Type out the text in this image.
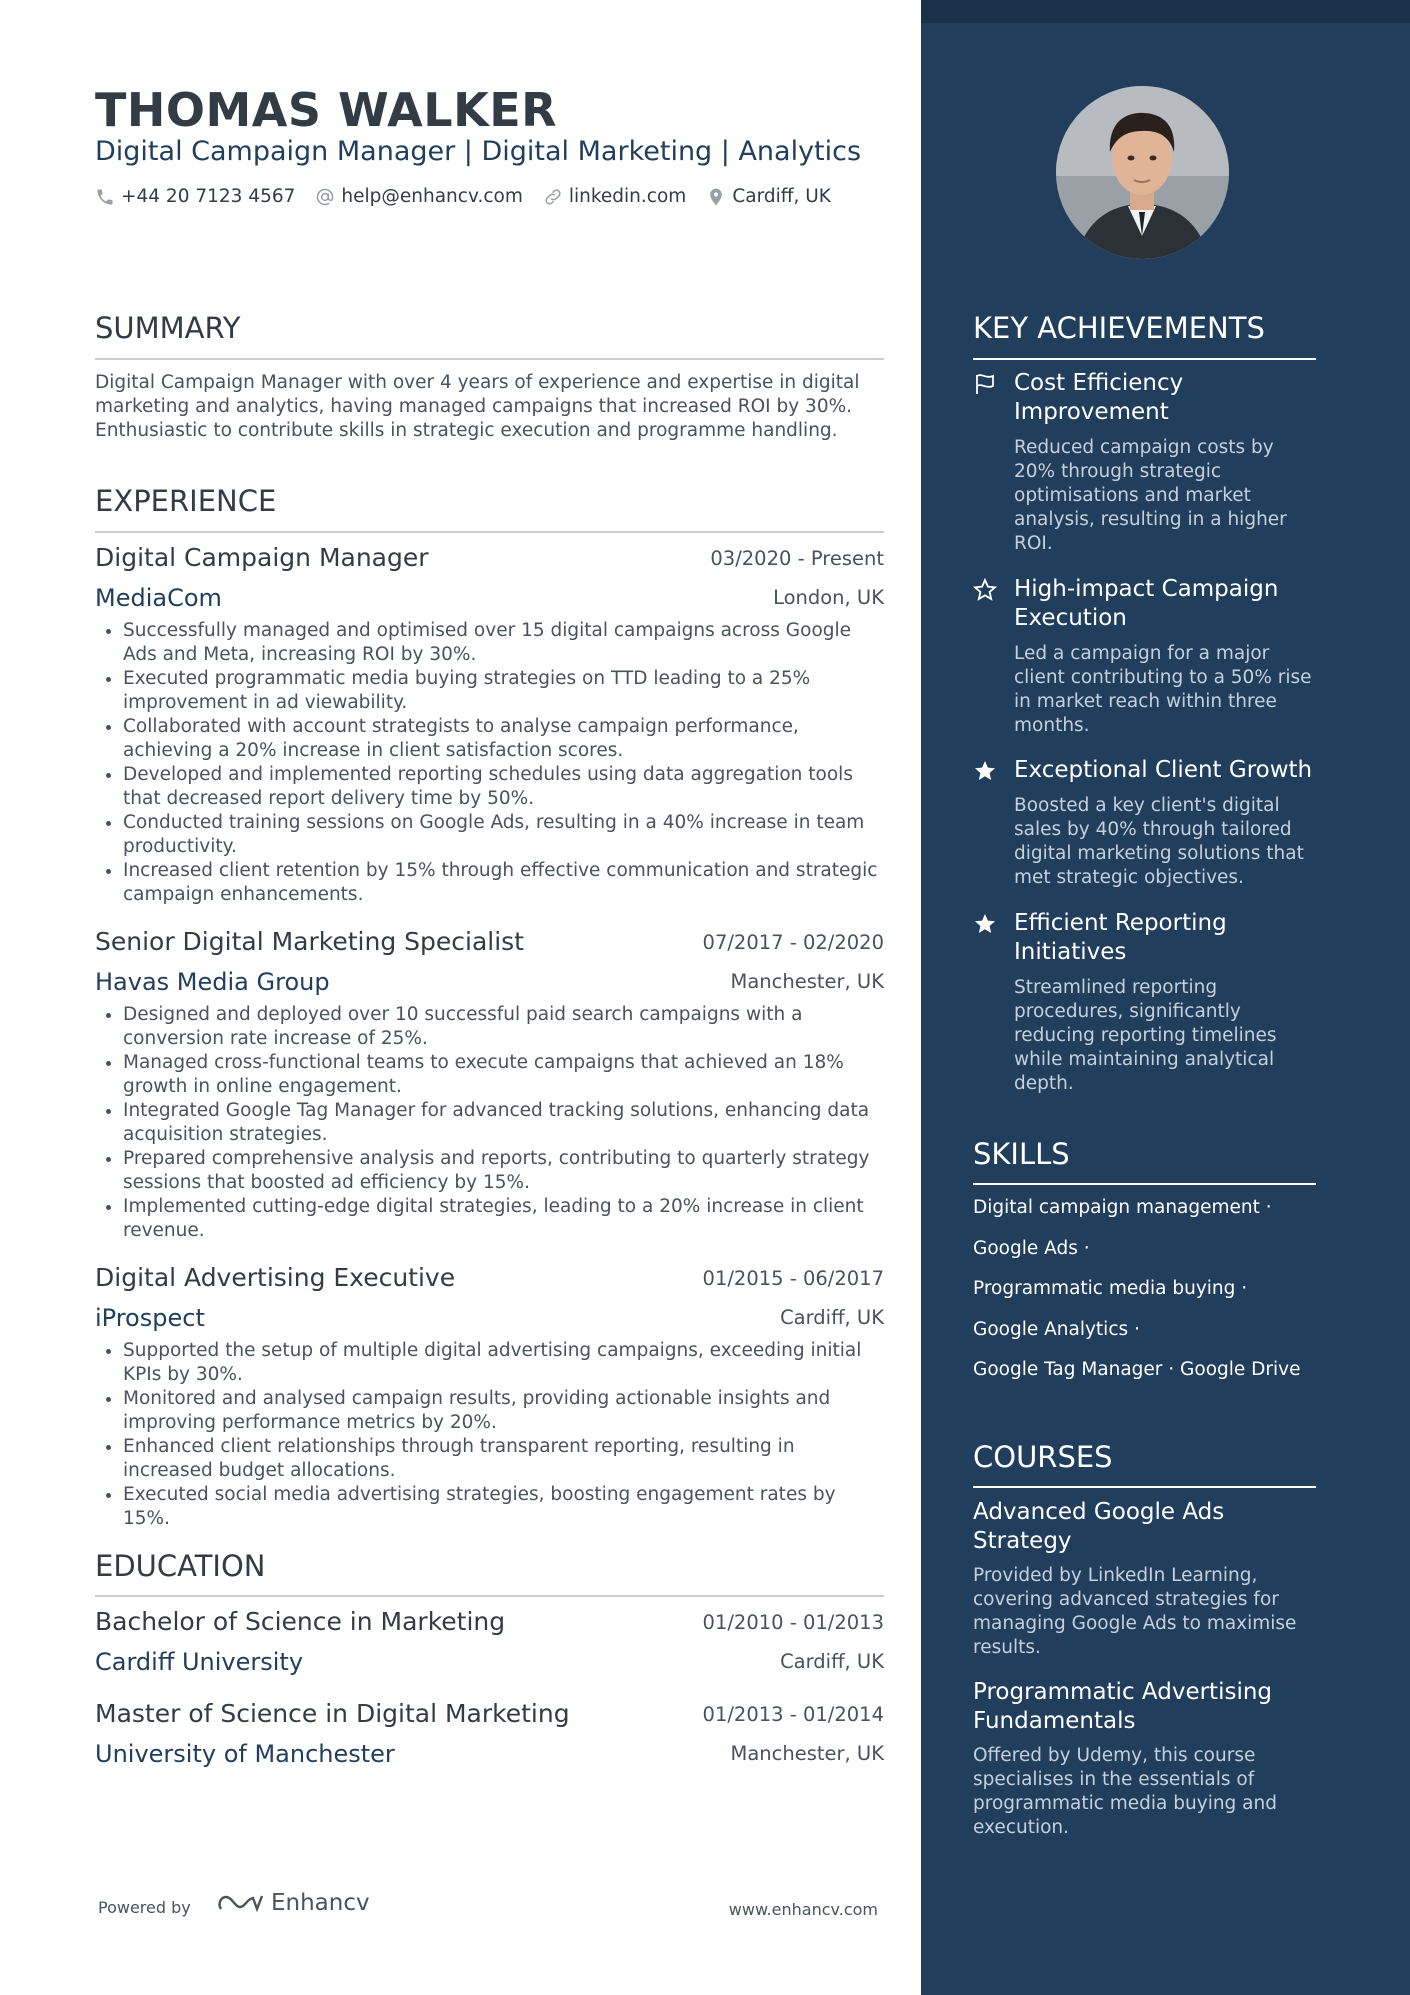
KEY ACHIEVEMENTS
Cost Efficiency Improvement
Reduced campaign costs by 20% through strategic optimisations and market analysis, resulting in a higher ROI.
High-impact Campaign Execution
Led a campaign for a major client contributing to a 50% rise in market reach within three months.
Exceptional Client Growth
Boosted a key client's digital sales by 40% through tailored digital marketing solutions that met strategic objectives.
Efficient Reporting Initiatives
Streamlined reporting procedures, significantly reducing reporting timelines while maintaining analytical depth.
SKILLS
Digital campaign management ·
Google Ads ·
Programmatic media buying ·
Google Analytics ·
Google Tag Manager · Google Drive
COURSES
Advanced Google Ads Strategy
Provided by LinkedIn Learning, covering advanced strategies for managing Google Ads to maximise results.
Programmatic Advertising Fundamentals
Offered by Udemy, this course specialises in the essentials of programmatic media buying and execution.
THOMAS WALKER
Digital Campaign Manager | Digital Marketing | Analytics
+44 20 7123 4567 help@enhancv.com linkedin.com Cardiff, UK
SUMMARY
Digital Campaign Manager with over 4 years of experience and expertise in digital marketing and analytics, having managed campaigns that increased ROI by 30%. Enthusiastic to contribute skills in strategic execution and programme handling.
EXPERIENCE
Digital Campaign Manager	03/2020 - Present
MediaCom	London, UK
• Successfully managed and optimised over 15 digital campaigns across Google Ads and Meta, increasing ROI by 30%.
• Executed programmatic media buying strategies on TTD leading to a 25% improvement in ad viewability.
• Collaborated with account strategists to analyse campaign performance, achieving a 20% increase in client satisfaction scores.
• Developed and implemented reporting schedules using data aggregation tools that decreased report delivery time by 50%.
• Conducted training sessions on Google Ads, resulting in a 40% increase in team productivity.
• Increased client retention by 15% through effective communication and strategic campaign enhancements.
Senior Digital Marketing Specialist	07/2017 - 02/2020
Havas Media Group	Manchester, UK
• Designed and deployed over 10 successful paid search campaigns with a conversion rate increase of 25%.
• Managed cross-functional teams to execute campaigns that achieved an 18% growth in online engagement.
• Integrated Google Tag Manager for advanced tracking solutions, enhancing data acquisition strategies.
• Prepared comprehensive analysis and reports, contributing to quarterly strategy sessions that boosted ad efficiency by 15%.
• Implemented cutting-edge digital strategies, leading to a 20% increase in client revenue.
Digital Advertising Executive	01/2015 - 06/2017
iProspect	Cardiff, UK
• Supported the setup of multiple digital advertising campaigns, exceeding initial KPIs by 30%.
• Monitored and analysed campaign results, providing actionable insights and improving performance metrics by 20%.
• Enhanced client relationships through transparent reporting, resulting in increased budget allocations.
• Executed social media advertising strategies, boosting engagement rates by 15%.
EDUCATION
Bachelor of Science in Marketing	01/2010 - 01/2013
Cardiff University	Cardiff, UK
Master of Science in Digital Marketing	01/2013 - 01/2014
University of Manchester	Manchester, UK
Powered by	Enhancv	www.enhancv.com
